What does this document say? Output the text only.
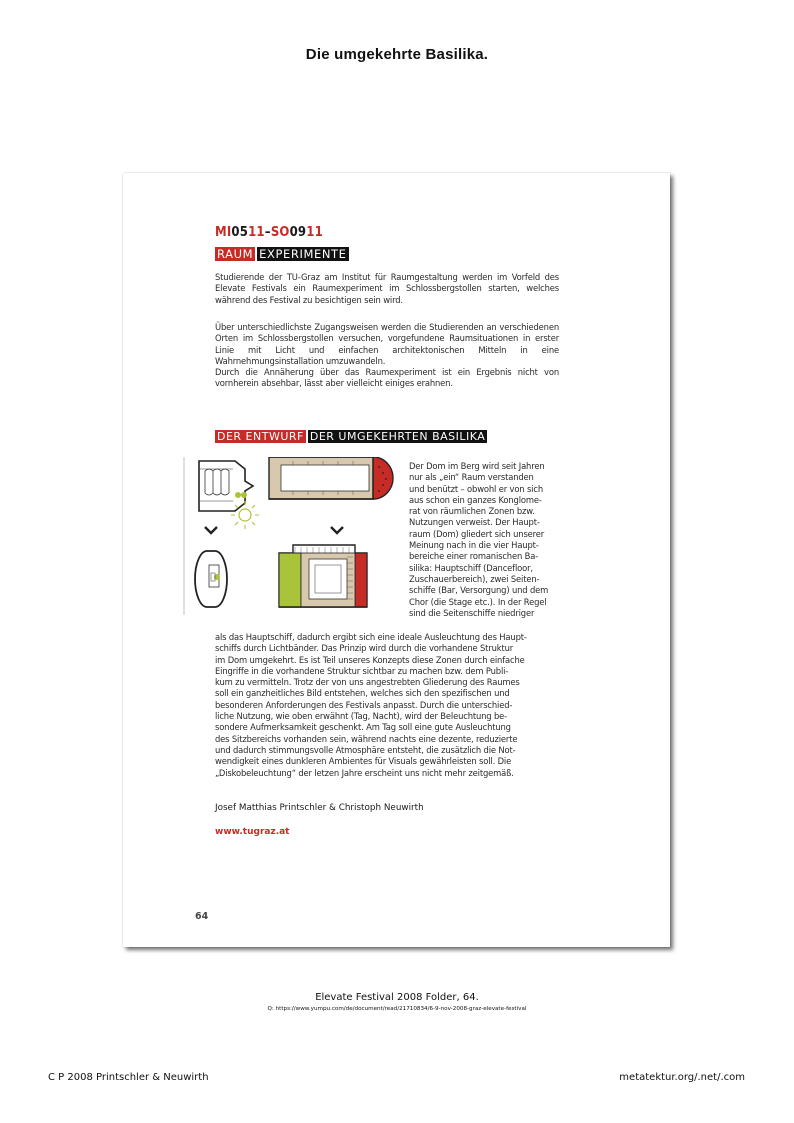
Die umgekehrte Basilika.
MI0511–SO0911
RAUM EXPERIMENTE

Studierende der TU-Graz am Institut für Raumgestaltung werden im Vorfeld des Elevate Festivals ein Raumexperiment im Schlossbergstollen starten, welches während des Festival zu besichtigen sein wird.

Über unterschiedlichste Zugangsweisen werden die Studierenden an verschiedenen Orten im Schlossbergstollen versuchen, vorgefundene Raumsituationen in erster Linie mit Licht und einfachen architektonischen Mitteln in eine Wahrnehmungsinstallation umzuwandeln.

Durch die Annäherung über das Raumexperiment ist ein Ergebnis nicht von vornherein absehbar, lässt aber vielleicht einiges erahnen.

DER ENTWURF DER UMGEKEHRTEN BASILIKA
Der Dom im Berg wird seit Jahren
nur als „ein“ Raum verstanden
und benützt – obwohl er von sich
aus schon ein ganzes Konglome-
rat von räumlichen Zonen bzw.
Nutzungen verweist. Der Haupt-
raum (Dom) gliedert sich unserer
Meinung nach in die vier Haupt-
bereiche einer romanischen Ba-
silika: Hauptschiff (Dancefloor,
Zuschauerbereich), zwei Seiten-
schiffe (Bar, Versorgung) und dem
Chor (die Stage etc.). In der Regel
sind die Seitenschiffe niedriger
als das Hauptschiff, dadurch ergibt sich eine ideale Ausleuchtung des Haupt-
schiffs durch Lichtbänder. Das Prinzip wird durch die vorhandene Struktur
im Dom umgekehrt. Es ist Teil unseres Konzepts diese Zonen durch einfache
Eingriffe in die vorhandene Struktur sichtbar zu machen bzw. dem Publi-
kum zu vermitteln. Trotz der von uns angestrebten Gliederung des Raumes
soll ein ganzheitliches Bild entstehen, welches sich den spezifischen und
besonderen Anforderungen des Festivals anpasst. Durch die unterschied-
liche Nutzung, wie oben erwähnt (Tag, Nacht), wird der Beleuchtung be-
sondere Aufmerksamkeit geschenkt. Am Tag soll eine gute Ausleuchtung
des Sitzbereichs vorhanden sein, während nachts eine dezente, reduzierte
und dadurch stimmungsvolle Atmosphäre entsteht, die zusätzlich die Not-
wendigkeit eines dunkleren Ambientes für Visuals gewährleisten soll. Die
„Diskobeleuchtung“ der letzen Jahre erscheint uns nicht mehr zeitgemäß.
Josef Matthias Printschler & Christoph Neuwirth
www.tugraz.at
64
Elevate Festival 2008 Folder, 64.
Q: https://www.yumpu.com/de/document/read/21710834/6-9-nov-2008-graz-elevate-festival
C P 2008 Printschler & Neuwirth	metatektur.org/.net/.com
